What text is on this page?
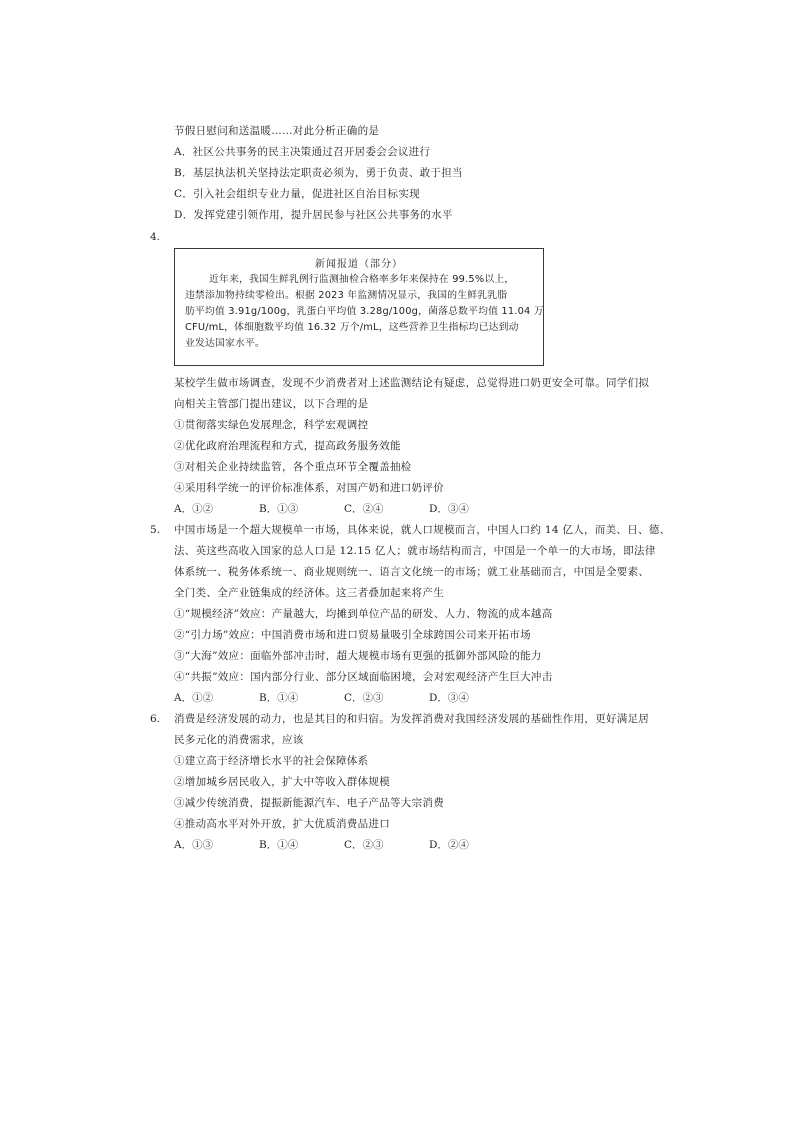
节假日慰问和送温暖……对此分析正确的是
A．社区公共事务的民主决策通过召开居委会会议进行
B．基层执法机关坚持法定职责必须为，勇于负责、敢于担当
C．引入社会组织专业力量，促进社区自治目标实现
D．发挥党建引领作用，提升居民参与社区公共事务的水平
4.
新闻报道（部分）
近年来，我国生鲜乳例行监测抽检合格率多年来保持在 99.5%以上，
违禁添加物持续零检出。根据 2023 年监测情况显示，我国的生鲜乳乳脂
肪平均值 3.91g/100g，乳蛋白平均值 3.28g/100g，菌落总数平均值 11.04 万
CFU/mL，体细胞数平均值 16.32 万个/mL，这些营养卫生指标均已达到动
业发达国家水平。
某校学生做市场调查，发现不少消费者对上述监测结论有疑虑，总觉得进口奶更安全可靠。同学们拟
向相关主管部门提出建议，以下合理的是
①贯彻落实绿色发展理念，科学宏观调控
②优化政府治理流程和方式，提高政务服务效能
③对相关企业持续监管，各个重点环节全覆盖抽检
④采用科学统一的评价标准体系，对国产奶和进口奶评价
A．①②	B．①③	C．②④	D．③④
5. 中国市场是一个超大规模单一市场，具体来说，就人口规模而言，中国人口约 14 亿人，而美、日、德、
法、英这些高收入国家的总人口是 12.15 亿人；就市场结构而言，中国是一个单一的大市场，即法律
体系统一、税务体系统一、商业规则统一、语言文化统一的市场；就工业基础而言，中国是全要素、
全门类、全产业链集成的经济体。这三者叠加起来将产生
①“规模经济”效应：产量越大，均摊到单位产品的研发、人力、物流的成本越高
②“引力场”效应：中国消费市场和进口贸易量吸引全球跨国公司来开拓市场
③“大海”效应：面临外部冲击时，超大规模市场有更强的抵御外部风险的能力
④“共振”效应：国内部分行业、部分区域面临困境，会对宏观经济产生巨大冲击
A．①②	B．①④	C．②③	D．③④
6. 消费是经济发展的动力，也是其目的和归宿。为发挥消费对我国经济发展的基础性作用，更好满足居
民多元化的消费需求，应该
①建立高于经济增长水平的社会保障体系
②增加城乡居民收入，扩大中等收入群体规模
③减少传统消费，提振新能源汽车、电子产品等大宗消费
④推动高水平对外开放，扩大优质消费品进口
A．①③	B．①④	C．②③	D．②④
